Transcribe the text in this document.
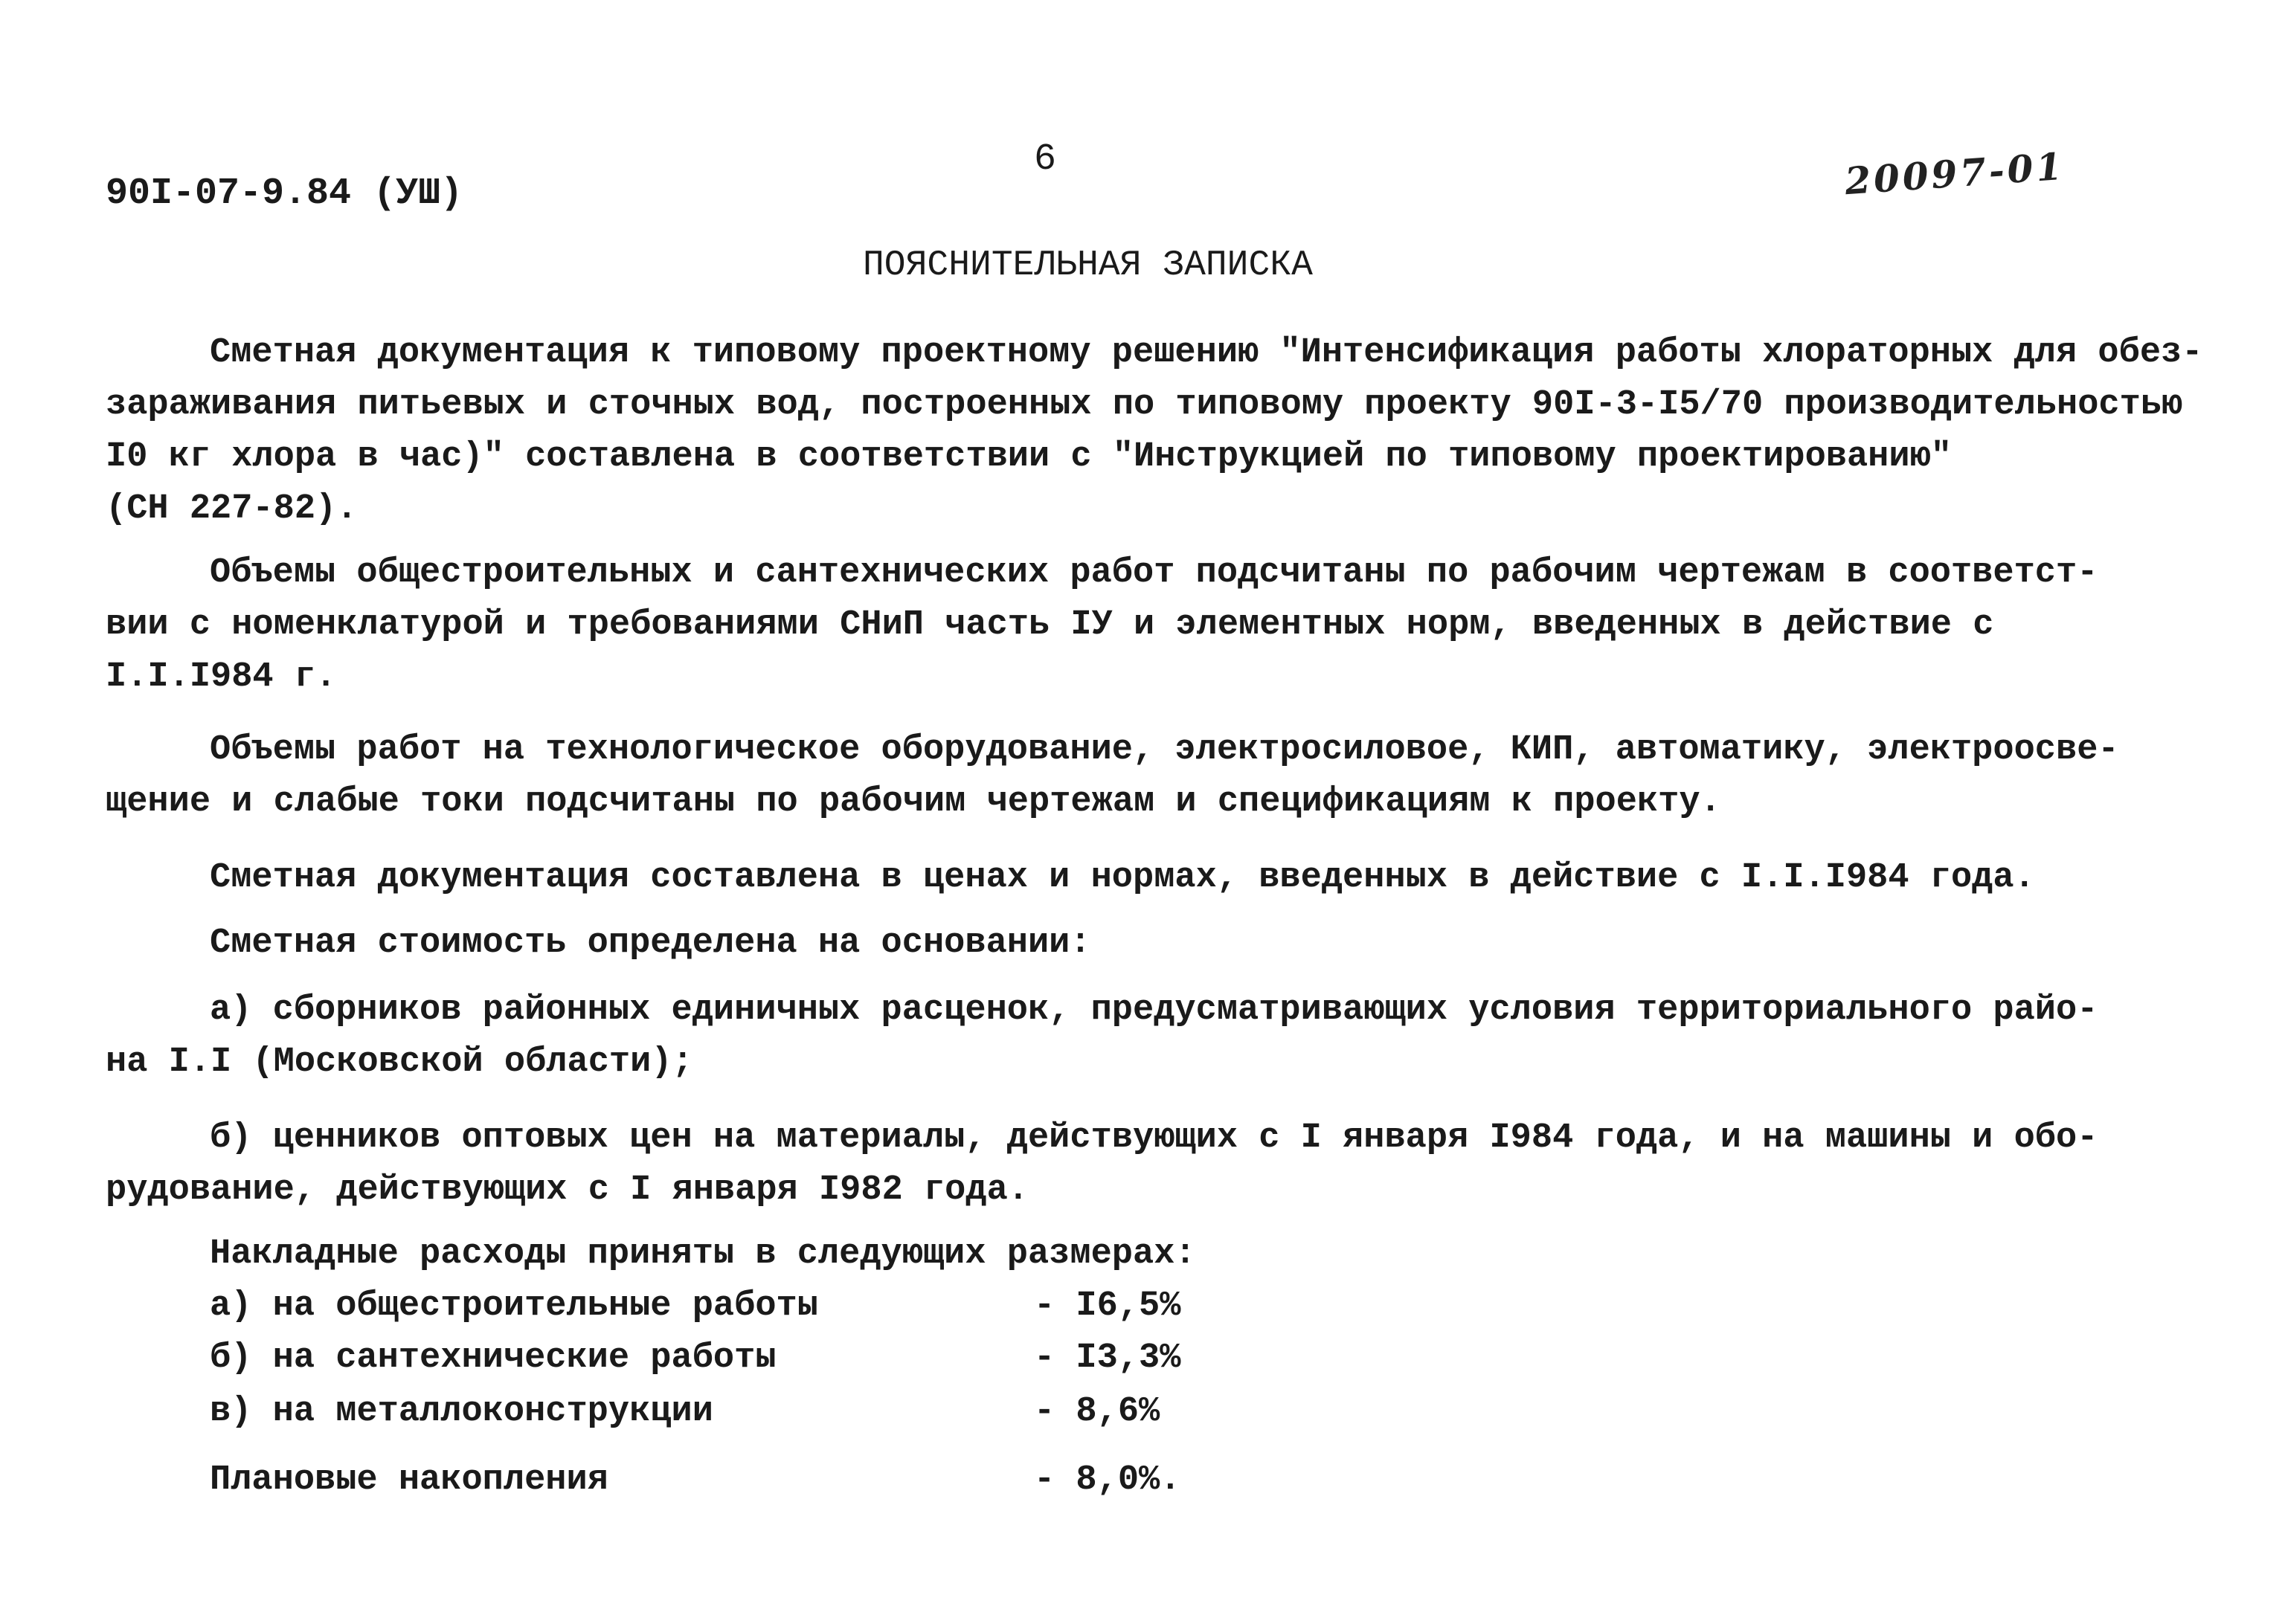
90I-07-9.84 (УШ)
6	20097-01
ПОЯСНИТЕЛЬНАЯ ЗАПИСКА
Сметная документация к типовому проектному решению "Интенсификация работы хлораторных для обез-
зараживания питьевых и сточных вод, построенных по типовому проекту 90I-3-I5/70 производительностью
I0 кг хлора в час)" составлена в соответствии с "Инструкцией по типовому проектированию"
(СН 227-82).
Объемы общестроительных и сантехнических работ подсчитаны по рабочим чертежам в соответст-
вии с номенклатурой и требованиями СНиП часть IУ и элементных норм, введенных в действие с
I.I.I984 г.
Объемы работ на технологическое оборудование, электросиловое, КИП, автоматику, электроосве-
щение и слабые токи подсчитаны по рабочим чертежам и спецификациям к проекту.
Сметная документация составлена в ценах и нормах, введенных в действие с I.I.I984 года.
Сметная стоимость определена на основании:
а) сборников районных единичных расценок, предусматривающих условия территориального райо-
на I.I (Московской области);
б) ценников оптовых цен на материалы, действующих с I января I984 года, и на машины и обо-
рудование, действующих с I января I982 года.
Накладные расходы приняты в следующих размерах:
а) на общестроительные работы	- I6,5%
б) на сантехнические работы	- I3,3%
в) на металлоконструкции	- 8,6%
Плановые накопления	- 8,0%.
